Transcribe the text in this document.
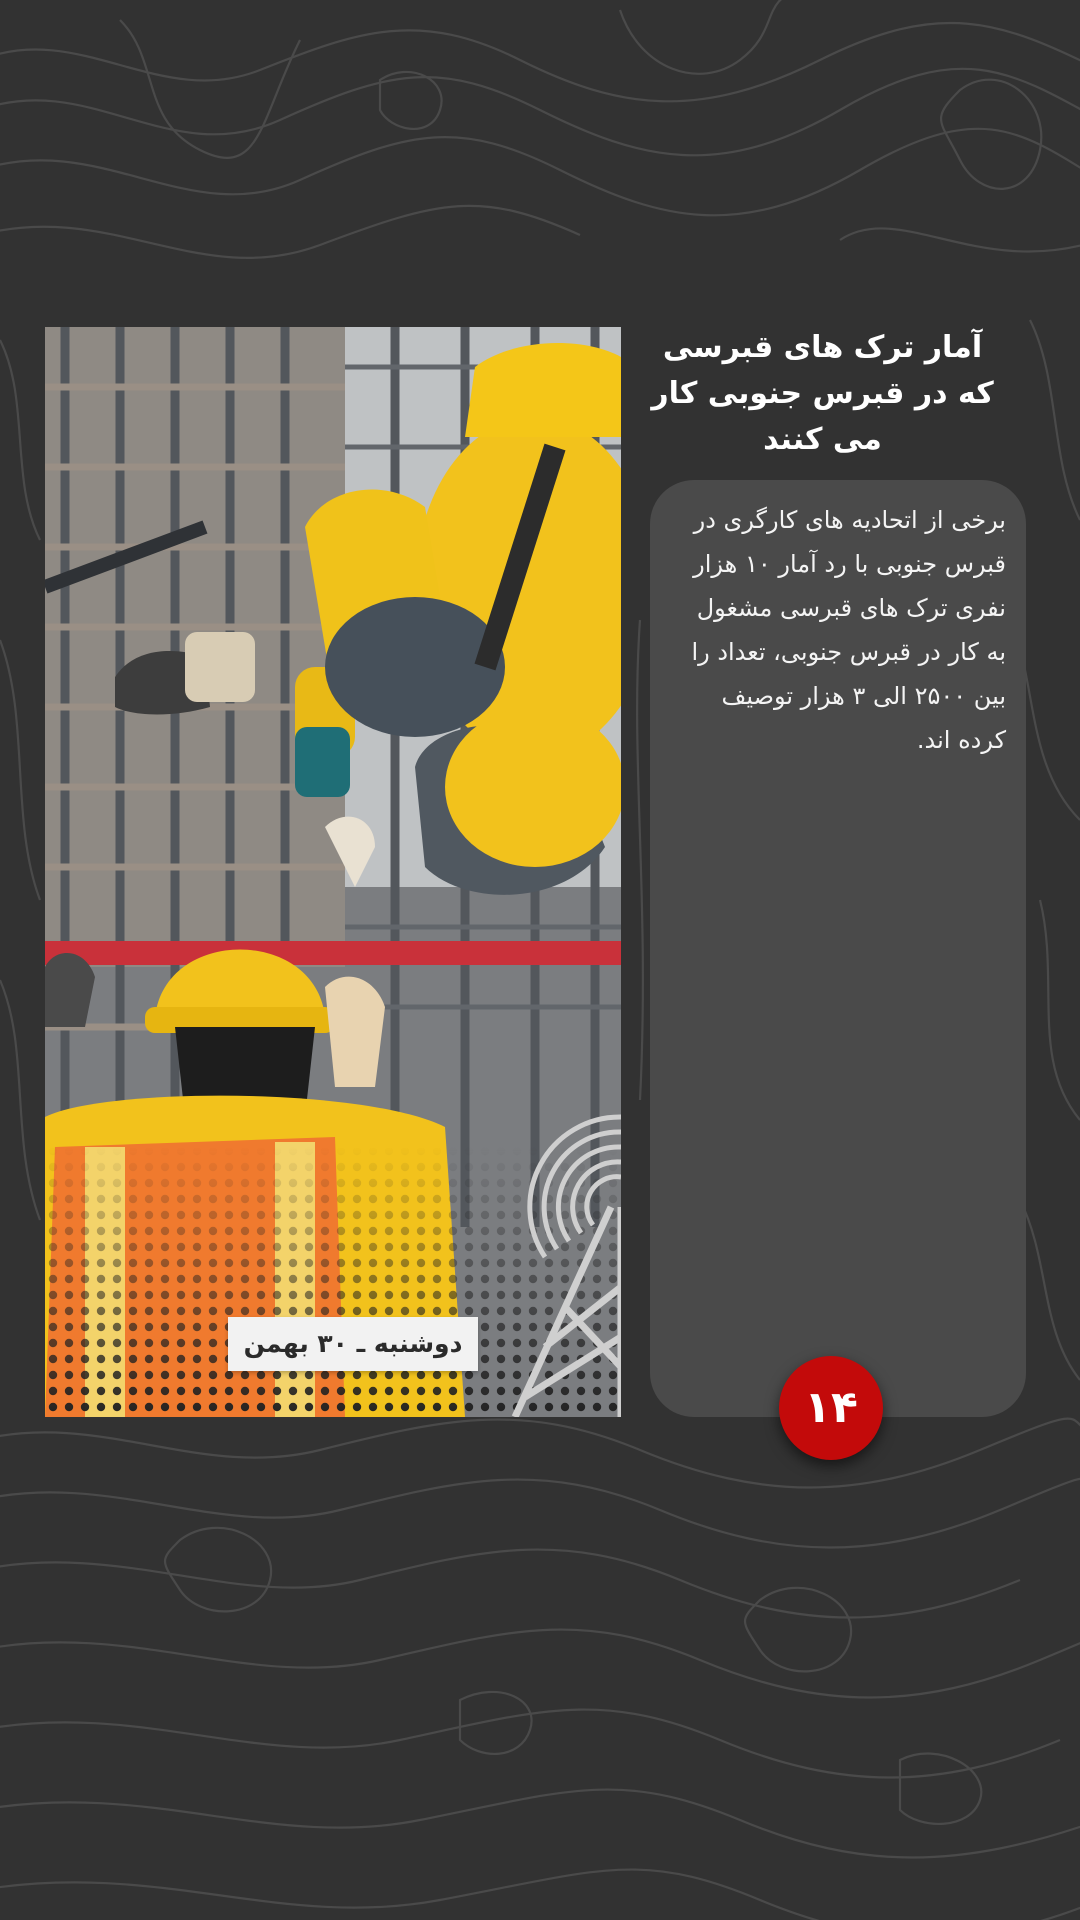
دوشنبه ـ ۳۰ بهمن
آمار ترک های قبرسی که در قبرس جنوبی کار می کنند
برخی از اتحادیه های کارگری در قبرس جنوبی با رد آمار ۱۰ هزار نفری ترک های قبرسی مشغول به کار در قبرس جنوبی، تعداد را بین ۲۵۰۰ الی ۳ هزار توصیف کرده اند.
۱۴
